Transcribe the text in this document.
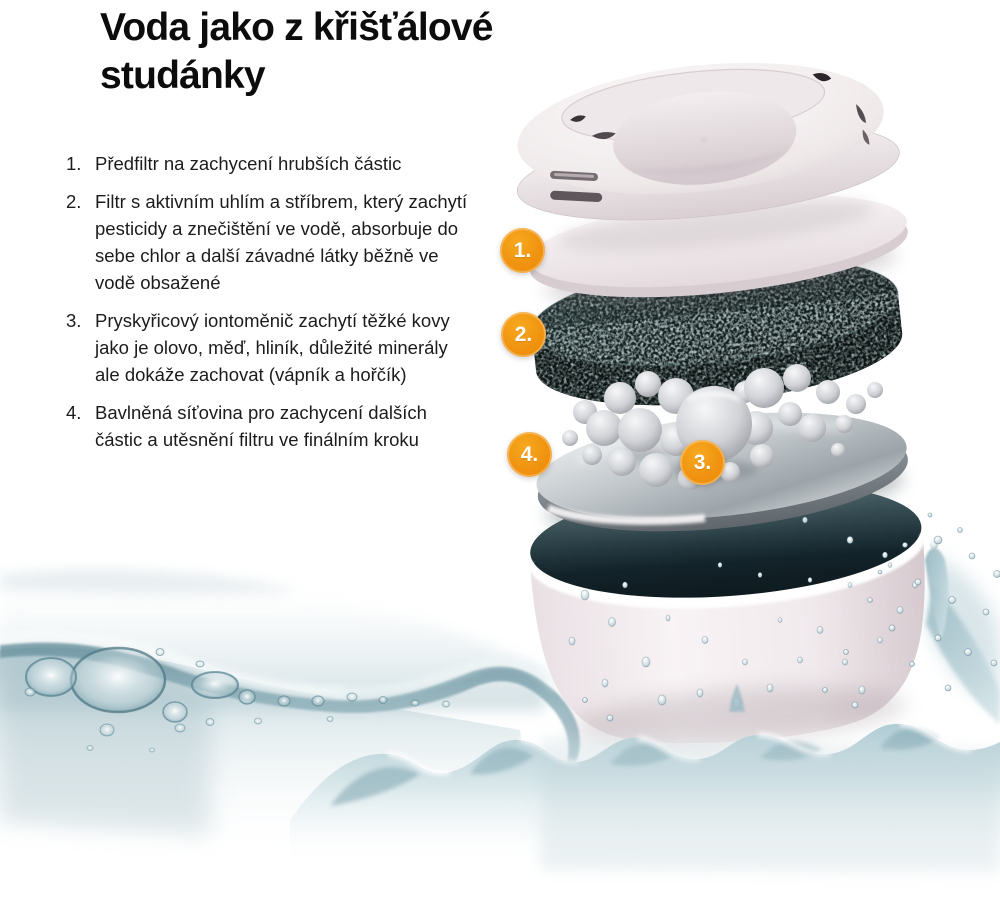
Voda jako z křišťálové studánky
1. Předfiltr na zachycení hrubších částic
2. Filtr s aktivním uhlím a stříbrem, který zachytí pesticidy a znečištění ve vodě, absorbuje do sebe chlor a další závadné látky běžně ve vodě obsažené
3. Pryskyřicový iontoměnič zachytí těžké kovy jako je olovo, měď, hliník, důležité minerály ale dokáže zachovat (vápník a hořčík)
4. Bavlněná síťovina pro zachycení dalších částic a utěsnění filtru ve finálním kroku
1.
2.
3.
4.
